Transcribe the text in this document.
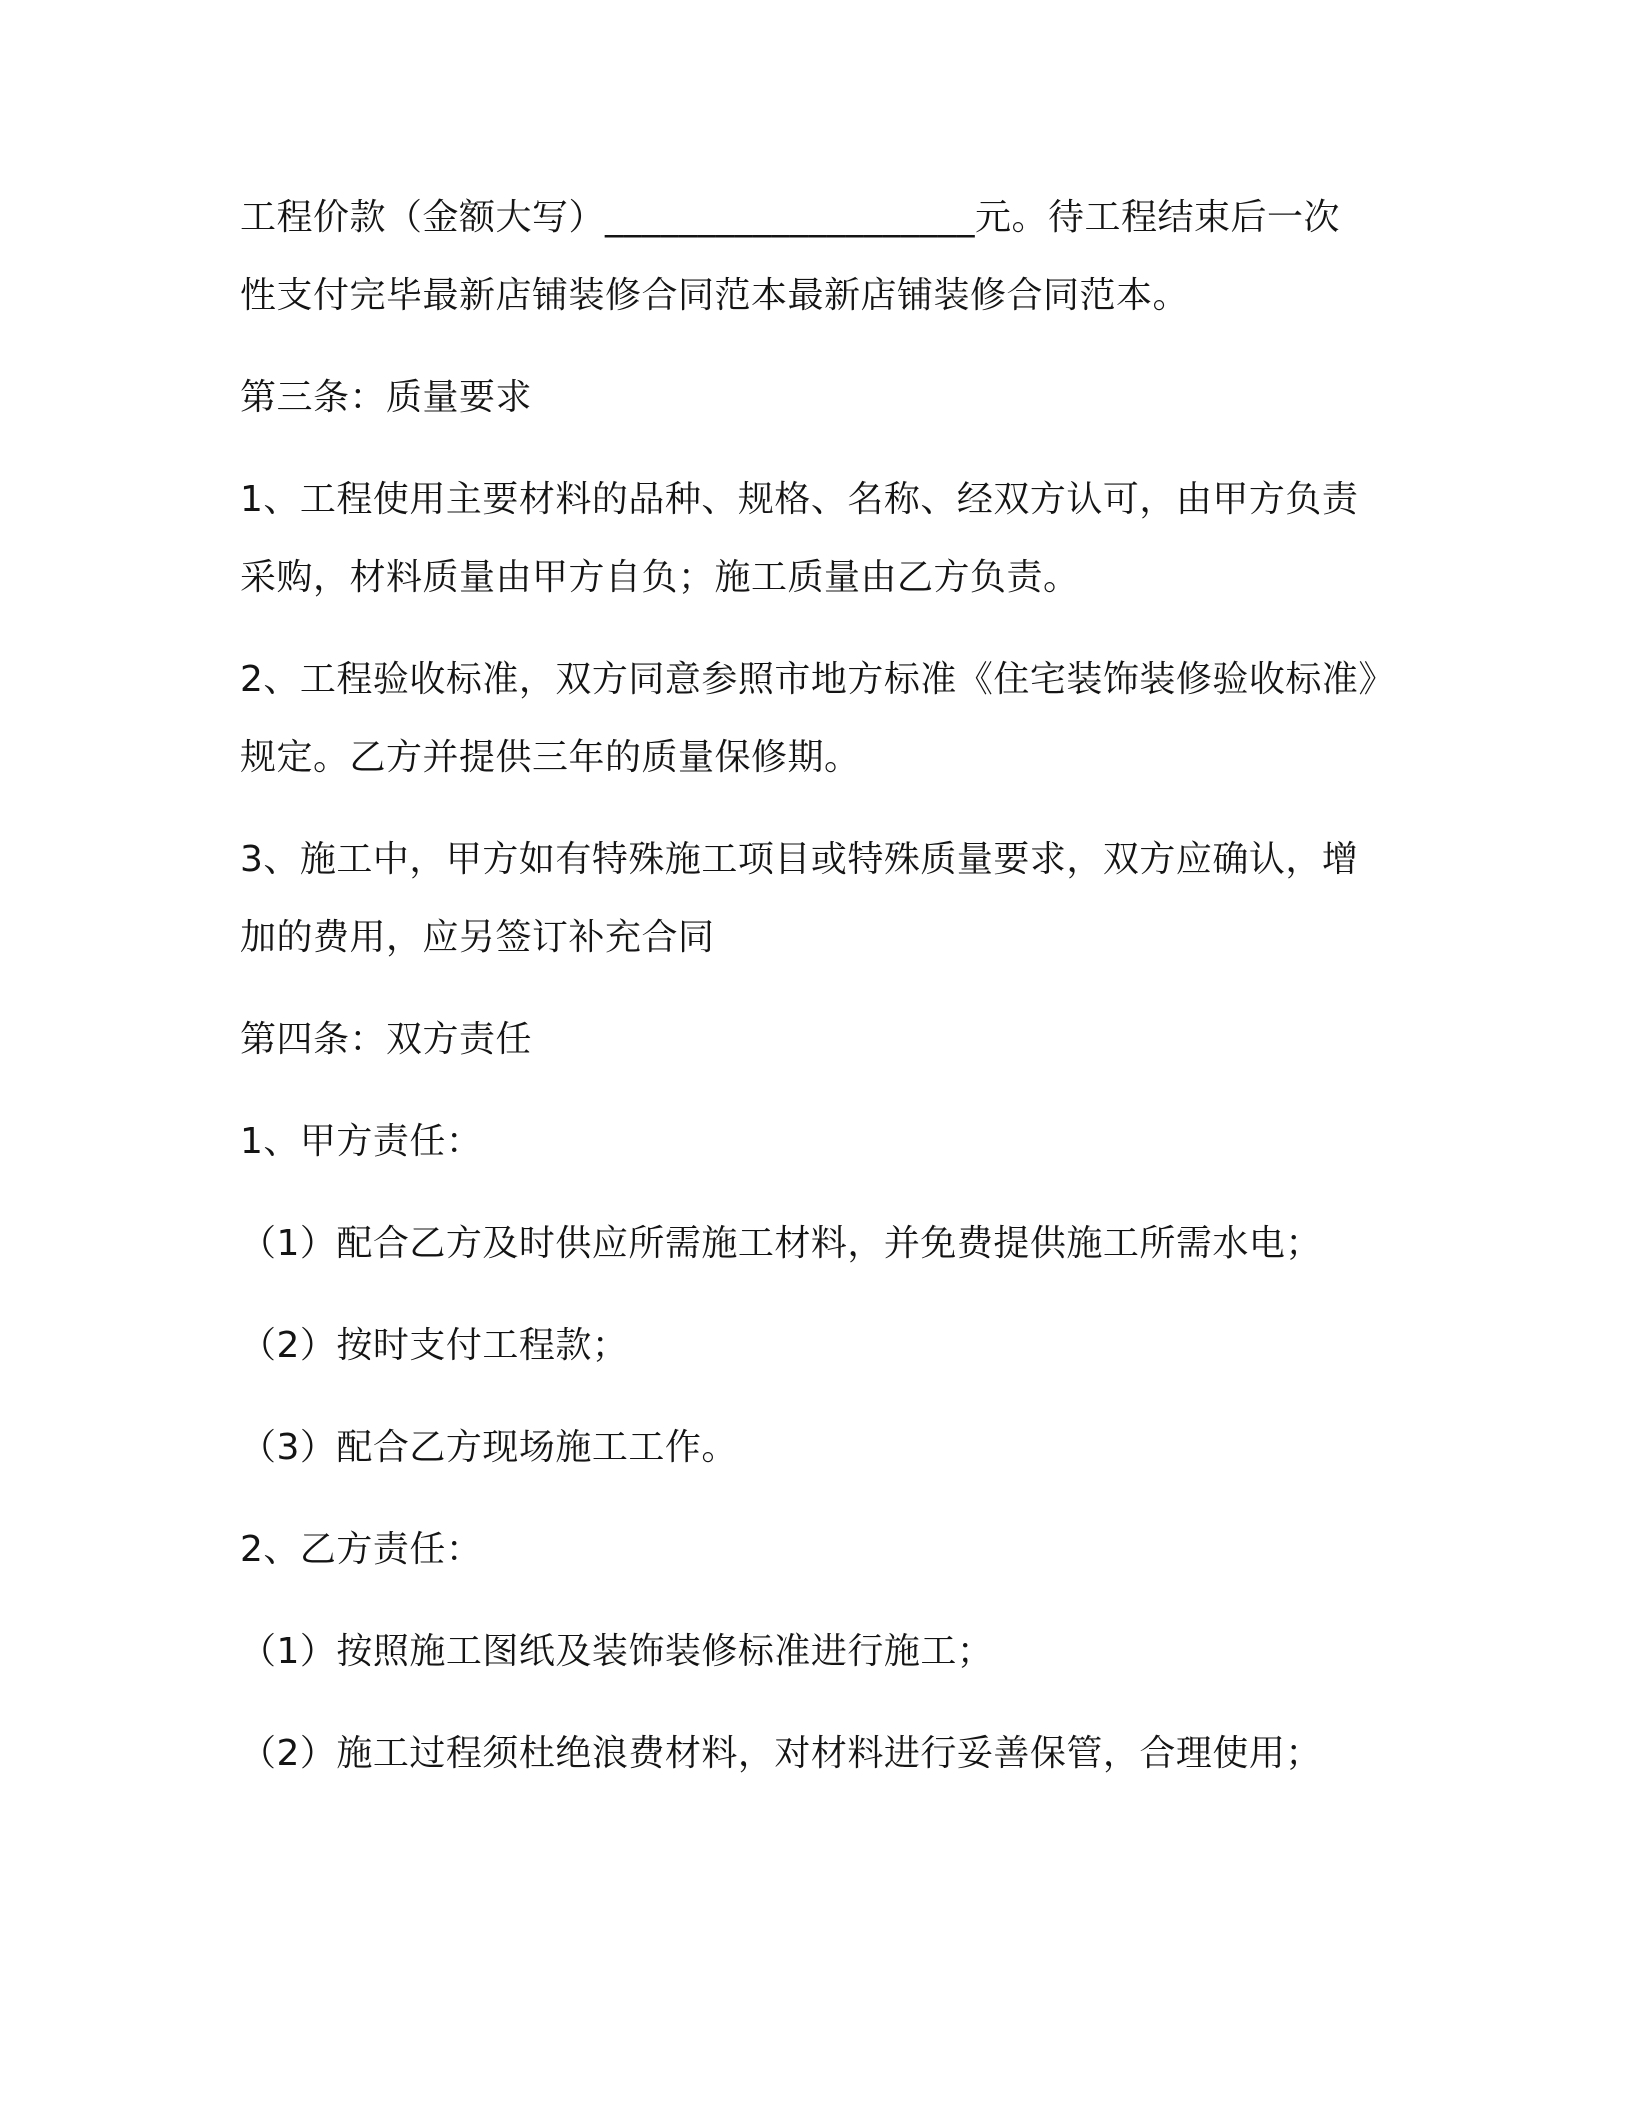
工程价款（金额大写）____________________元。待工程结束后一次
性支付完毕最新店铺装修合同范本最新店铺装修合同范本。
第三条：质量要求
1、工程使用主要材料的品种、规格、名称、经双方认可，由甲方负责
采购，材料质量由甲方自负；施工质量由乙方负责。
2、工程验收标准，双方同意参照市地方标准《住宅装饰装修验收标准》
规定。乙方并提供三年的质量保修期。
3、施工中，甲方如有特殊施工项目或特殊质量要求，双方应确认，增
加的费用，应另签订补充合同
第四条：双方责任
1、甲方责任：
（1）配合乙方及时供应所需施工材料，并免费提供施工所需水电；
（2）按时支付工程款；
（3）配合乙方现场施工工作。
2、乙方责任：
（1）按照施工图纸及装饰装修标准进行施工；
（2）施工过程须杜绝浪费材料，对材料进行妥善保管，合理使用；
